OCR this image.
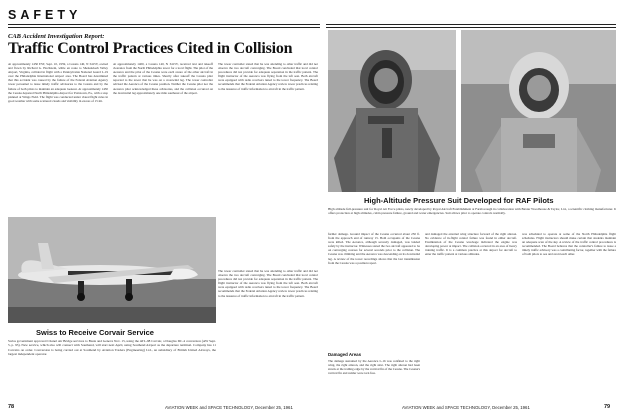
SAFETY
CAB Accident Investigation Report:
Traffic Control Practices Cited in Collision
At approximately 1450 EST, Sept. 10, 1959, a Cessna 140, N 3415V, owned and flown by Richard G. Hochstein, while en route to Shenandoah Valley Airport, Virginia, collided in flight with a Pennsylvania National Guard L-19 over the Philadelphia International Airport area. The Board has determined that this accident was caused by the failure of the Federal Aviation Agency tower personnel to issue timely traffic advisories to the Cessna and by the failure of both pilots to maintain an adequate lookout. At approximately 1430 the Cessna departed North Philadelphia Airport for Pottstown, Pa., with a stop planned at Wings Field. The flight was conducted under visual flight rules in good weather with some scattered clouds and visibility in excess of 15 mi.
At approximately 1400, a Cessna 140, N 3415V, received taxi and takeoff clearance from the North Philadelphia tower for a local flight. The pilot of the Aeronca and the pilot of the Cessna were each aware of the other aircraft in the traffic pattern at various times. Shortly after takeoff the Cessna pilot reported to the tower that he was on a crosswind leg. The tower controller advised the Aeronca of the Cessna position. Neither the Cessna pilot nor the Aeronca pilot acknowledged these advisories, and the collision occurred on the downwind leg approximately one mile southeast of the airport.
The tower controller stated that he was attending to other traffic and did not observe the two aircraft converging. The Board concluded that local control procedures did not provide for adequate separation in the traffic pattern. The flight instructor of the Aeronca was flying from the left seat. Both aircraft were equipped with radio receivers tuned to the tower frequency. The Board recommends that the Federal Aviation Agency review tower practices relating to the issuance of traffic information to aircraft in the traffic pattern.
Swiss to Receive Corvair Service
Swiss government approved Chanel Air Bridge services to Basle and Geneva Nov. 15, using the ATL-98 Carvair, a Douglas DC-4 conversion (AW Sept. 5, p. 93). New service, which also will connect with Southend, will start next April, using Southend Airport as the departure terminal. Company has 11 Carvairs on order. Conversion is being carried out at Southend by Aviation Traders (Engineering) Ltd., an subsidiary of British United Airways, the largest independent operator.
The tower controller stated that he was attending to other traffic and did not observe the two aircraft converging. The Board concluded that local control procedures did not provide for adequate separation in the traffic pattern. The flight instructor of the Aeronca was flying from the left seat. Both aircraft were equipped with radio receivers tuned to the tower frequency. The Board recommends that the Federal Aviation Agency review tower practices relating to the issuance of traffic information to aircraft in the traffic pattern.
78	AVIATION WEEK and SPACE TECHNOLOGY, December 25, 1961
High-Altitude Pressure Suit Developed for RAF Pilots
High altitude full-pressure suit for Royal Air Force pilots, newly developed by Royal Aircraft Establishment at Farnborough in collaboration with Baxter Woodhouse & Taylor, Ltd., a scientific clothing manufacturer. It offers protection at high altitudes, cabin pressure failure, ground and water emergencies. Suit allows pilot to operate controls normally.
further damage. Ground impact of the Cessna occurred about 250 ft. from the approach end of runway 15. Both occupants of the Cessna were killed. The Aeronca, although severely damaged, was landed safely by the instructor. Witnesses stated the two aircraft appeared to be on converging courses for several seconds prior to the collision. The Cessna was climbing and the Aeronca was descending on its downwind leg. A review of the tower recordings shows that the last transmission from the Cessna was a position report.
Damaged Areas
The damage sustained by the Aeronca L-16 was confined to the right wing, the right aileron, and the right strut. The right aileron had been struck at the trailing edge by the vertical fin of the Cessna. The Cessna's vertical fin and rudder were torn free.
and damaged the external wing structure forward of the right aileron. No evidence of in-flight control failure was found in either aircraft. Examination of the Cessna wreckage indicated the engine was developing power at impact. The collision occurred in an area of heavy training traffic. It is a common practice at this airport for aircraft to enter the traffic pattern at various altitudes.
was scheduled to operate at some of the North Philadelphia flight schedules. Flight instructors should make certain that students maintain an adequate scan of the sky. A review of the traffic control procedures is recommended. The Board believes that the controller's failure to issue a timely traffic advisory was a contributing factor, together with the failure of both pilots to see and avoid each other.
AVIATION WEEK and SPACE TECHNOLOGY, December 25, 1961	79
